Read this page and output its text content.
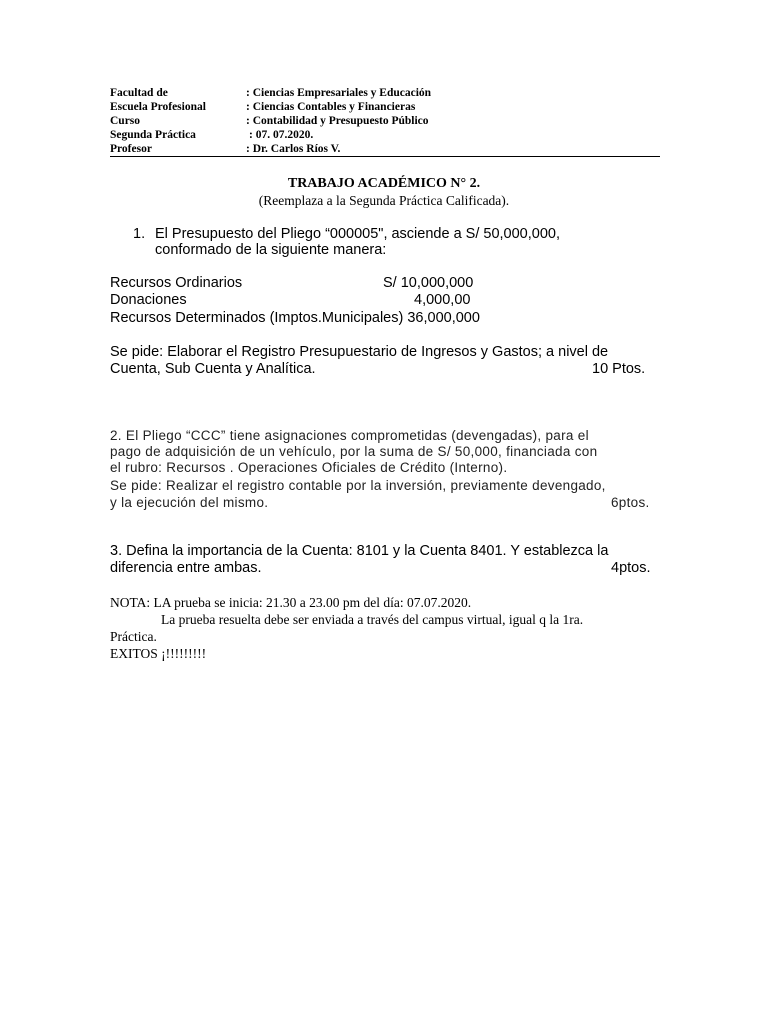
Facultad de	: Ciencias Empresariales y Educación
Escuela Profesional	: Ciencias Contables y Financieras
Curso	: Contabilidad y Presupuesto Público
Segunda Práctica	: 07. 07.2020.
Profesor	: Dr. Carlos Ríos V.
TRABAJO ACADÉMICO N° 2.
(Reemplaza a la Segunda Práctica Calificada).
1. El Presupuesto del Pliego “000005", asciende a S/ 50,000,000,
conformado de la siguiente manera:
Recursos Ordinarios	S/ 10,000,000
Donaciones	4,000,00
Recursos Determinados (Imptos.Municipales) 36,000,000
Se pide: Elaborar el Registro Presupuestario de Ingresos y Gastos; a nivel de
Cuenta, Sub Cuenta y Analítica.	10 Ptos.
2. El Pliego “CCC” tiene asignaciones comprometidas (devengadas), para el
pago de adquisición de un vehículo, por la suma de S/ 50,000, financiada con
el rubro: Recursos . Operaciones Oficiales de Crédito (Interno).
Se pide: Realizar el registro contable por la inversión, previamente devengado,
y la ejecución del mismo.	6ptos.
3. Defina la importancia de la Cuenta: 8101 y la Cuenta 8401. Y establezca la
diferencia entre ambas.	4ptos.
NOTA: LA prueba se inicia: 21.30 a 23.00 pm del día: 07.07.2020.
La prueba resuelta debe ser enviada a través del campus virtual, igual q la 1ra.
Práctica.
EXITOS ¡!!!!!!!!!
